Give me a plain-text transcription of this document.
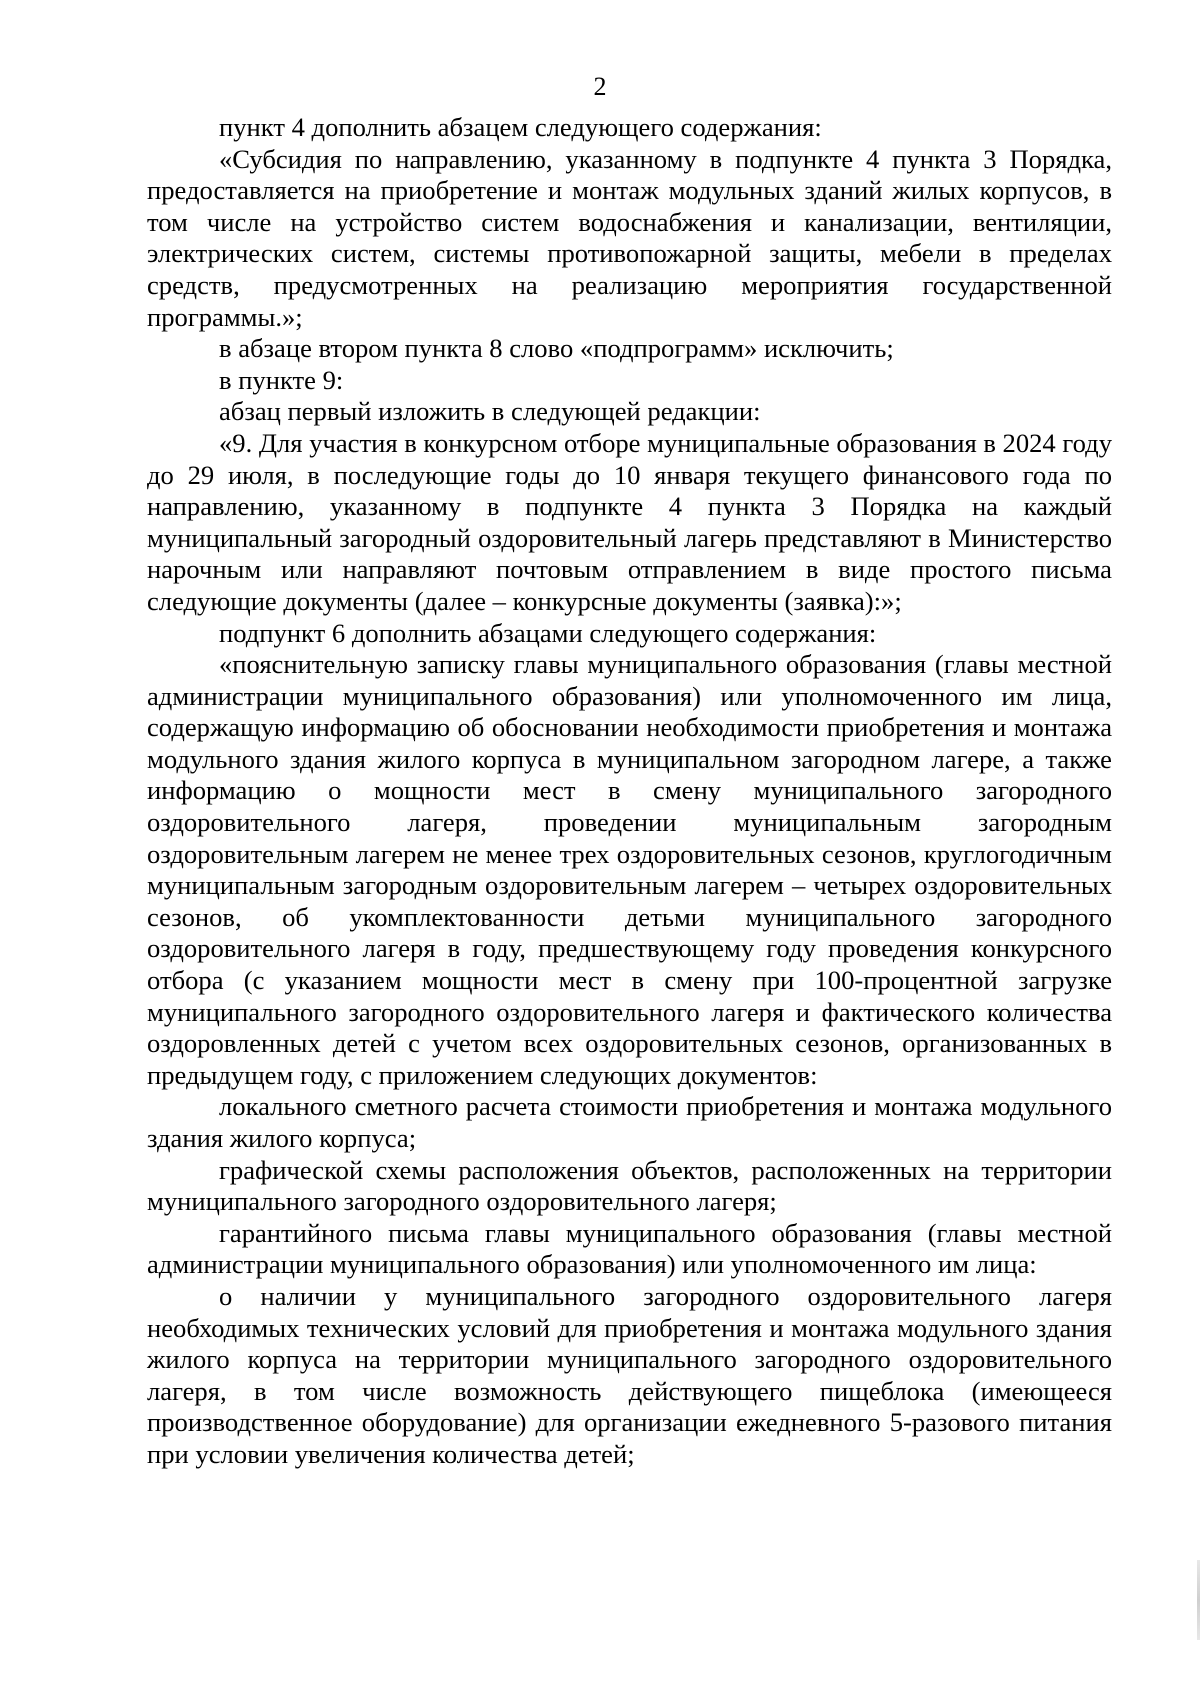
2

пункт 4 дополнить абзацем следующего содержания:

«Субсидия по направлению, указанному в подпункте 4 пункта 3 Порядка, предоставляется на приобретение и монтаж модульных зданий жилых корпусов, в том числе на устройство систем водоснабжения и канализации, вентиляции, электрических систем, системы противопожарной защиты, мебели в пределах средств, предусмотренных на реализацию мероприятия государственной программы.»;

в абзаце втором пункта 8 слово «подпрограмм» исключить;

в пункте 9:

абзац первый изложить в следующей редакции:

«9. Для участия в конкурсном отборе муниципальные образования в 2024 году до 29 июля, в последующие годы до 10 января текущего финансового года по направлению, указанному в подпункте 4 пункта 3 Порядка на каждый муниципальный загородный оздоровительный лагерь представляют в Министерство нарочным или направляют почтовым отправлением в виде простого письма следующие документы (далее – конкурсные документы (заявка):»;

подпункт 6 дополнить абзацами следующего содержания:

«пояснительную записку главы муниципального образования (главы местной администрации муниципального образования) или уполномоченного им лица, содержащую информацию об обосновании необходимости приобретения и монтажа модульного здания жилого корпуса в муниципальном загородном лагере, а также информацию о мощности мест в смену муниципального загородного оздоровительного лагеря, проведении муниципальным загородным оздоровительным лагерем не менее трех оздоровительных сезонов, круглогодичным муниципальным загородным оздоровительным лагерем – четырех оздоровительных сезонов, об укомплектованности детьми муниципального загородного оздоровительного лагеря в году, предшествующему году проведения конкурсного отбора (с указанием мощности мест в смену при 100-процентной загрузке муниципального загородного оздоровительного лагеря и фактического количества оздоровленных детей с учетом всех оздоровительных сезонов, организованных в предыдущем году, с приложением следующих документов:

локального сметного расчета стоимости приобретения и монтажа модульного здания жилого корпуса;

графической схемы расположения объектов, расположенных на территории муниципального загородного оздоровительного лагеря;

гарантийного письма главы муниципального образования (главы местной администрации муниципального образования) или уполномоченного им лица:

о наличии у муниципального загородного оздоровительного лагеря необходимых технических условий для приобретения и монтажа модульного здания жилого корпуса на территории муниципального загородного оздоровительного лагеря, в том числе возможность действующего пищеблока (имеющееся производственное оборудование) для организации ежедневного 5-разового питания при условии увеличения количества детей;
